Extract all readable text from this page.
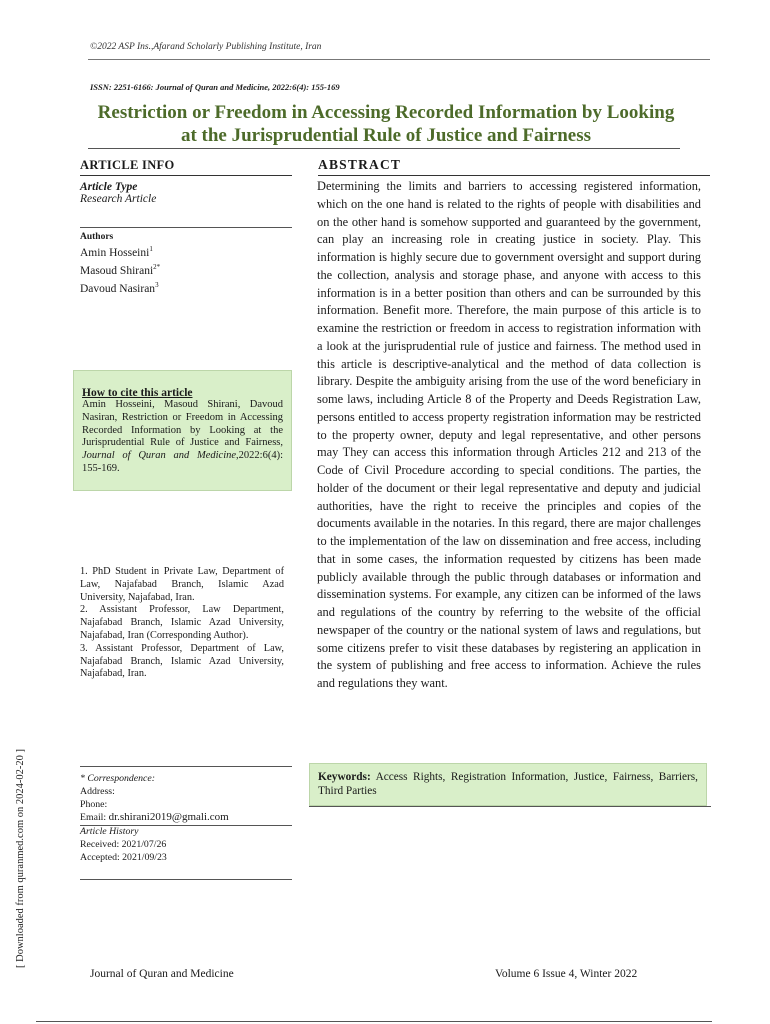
©2022 ASP Ins.,Afarand Scholarly Publishing Institute, Iran
ISSN: 2251-6166: Journal of Quran and Medicine, 2022:6(4): 155-169
Restriction or Freedom in Accessing Recorded Information by Looking at the Jurisprudential Rule of Justice and Fairness
ARTICLE INFO
Article Type
Research Article
Authors
Amin Hosseini$^1$
Masoud Shirani$^{2*}$
Davoud Nasiran$^3$
How to cite this article
Amin Hosseini, Masoud Shirani, Davoud Nasiran, Restriction or Freedom in Accessing Recorded Information by Looking at the Jurisprudential Rule of Justice and Fairness, Journal of Quran and Medicine,2022:6(4): 155-169.
1. PhD Student in Private Law, Department of Law, Najafabad Branch, Islamic Azad University, Najafabad, Iran.
2. Assistant Professor, Law Department, Najafabad Branch, Islamic Azad University, Najafabad, Iran (Corresponding Author).
3. Assistant Professor, Department of Law, Najafabad Branch, Islamic Azad University, Najafabad, Iran.
* Correspondence:
Address:
Phone:
Email: dr.shirani2019@gmali.com
Article History
Received: 2021/07/26
Accepted: 2021/09/23
ABSTRACT
Determining the limits and barriers to accessing registered information, which on the one hand is related to the rights of people with disabilities and on the other hand is somehow supported and guaranteed by the government, can play an increasing role in creating justice in society. Play. This information is highly secure due to government oversight and support during the collection, analysis and storage phase, and anyone with access to this information is in a better position than others and can be surrounded by this information. Benefit more. Therefore, the main purpose of this article is to examine the restriction or freedom in access to registration information with a look at the jurisprudential rule of justice and fairness. The method used in this article is descriptive-analytical and the method of data collection is library. Despite the ambiguity arising from the use of the word beneficiary in some laws, including Article 8 of the Property and Deeds Registration Law, persons entitled to access property registration information may be restricted to the property owner, deputy and legal representative, and other persons may They can access this information through Articles 212 and 213 of the Code of Civil Procedure according to special conditions. The parties, the holder of the document or their legal representative and deputy and judicial authorities, have the right to receive the principles and copies of the documents available in the notaries. In this regard, there are major challenges to the implementation of the law on dissemination and free access, including that in some cases, the information requested by citizens has been made publicly available through the public through databases or information and dissemination systems. For example, any citizen can be informed of the laws and regulations of the country by referring to the website of the official newspaper of the country or the national system of laws and regulations, but some citizens prefer to visit these databases by registering an application in the system of publishing and free access to information. Achieve the rules and regulations they want.
Keywords: Access Rights, Registration Information, Justice, Fairness, Barriers, Third Parties
Journal of Quran and Medicine	Volume 6 Issue 4, Winter 2022
[ Downloaded from quranmed.com on 2024-02-20 ]
